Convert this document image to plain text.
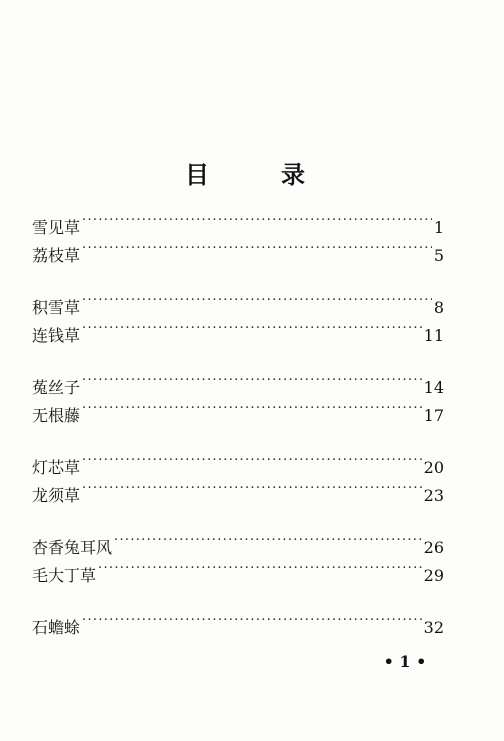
目	录
雪见草 .....	1
荔枝草 .....	5
积雪草 .....	8
连钱草 .....	11
菟丝子 .....	14
无根藤 .....	17
灯芯草 .....	20
龙须草 .....	23
杏香兔耳风 .....	26
毛大丁草 .....	29
石蟾蜍 .....	32
• 1 •
